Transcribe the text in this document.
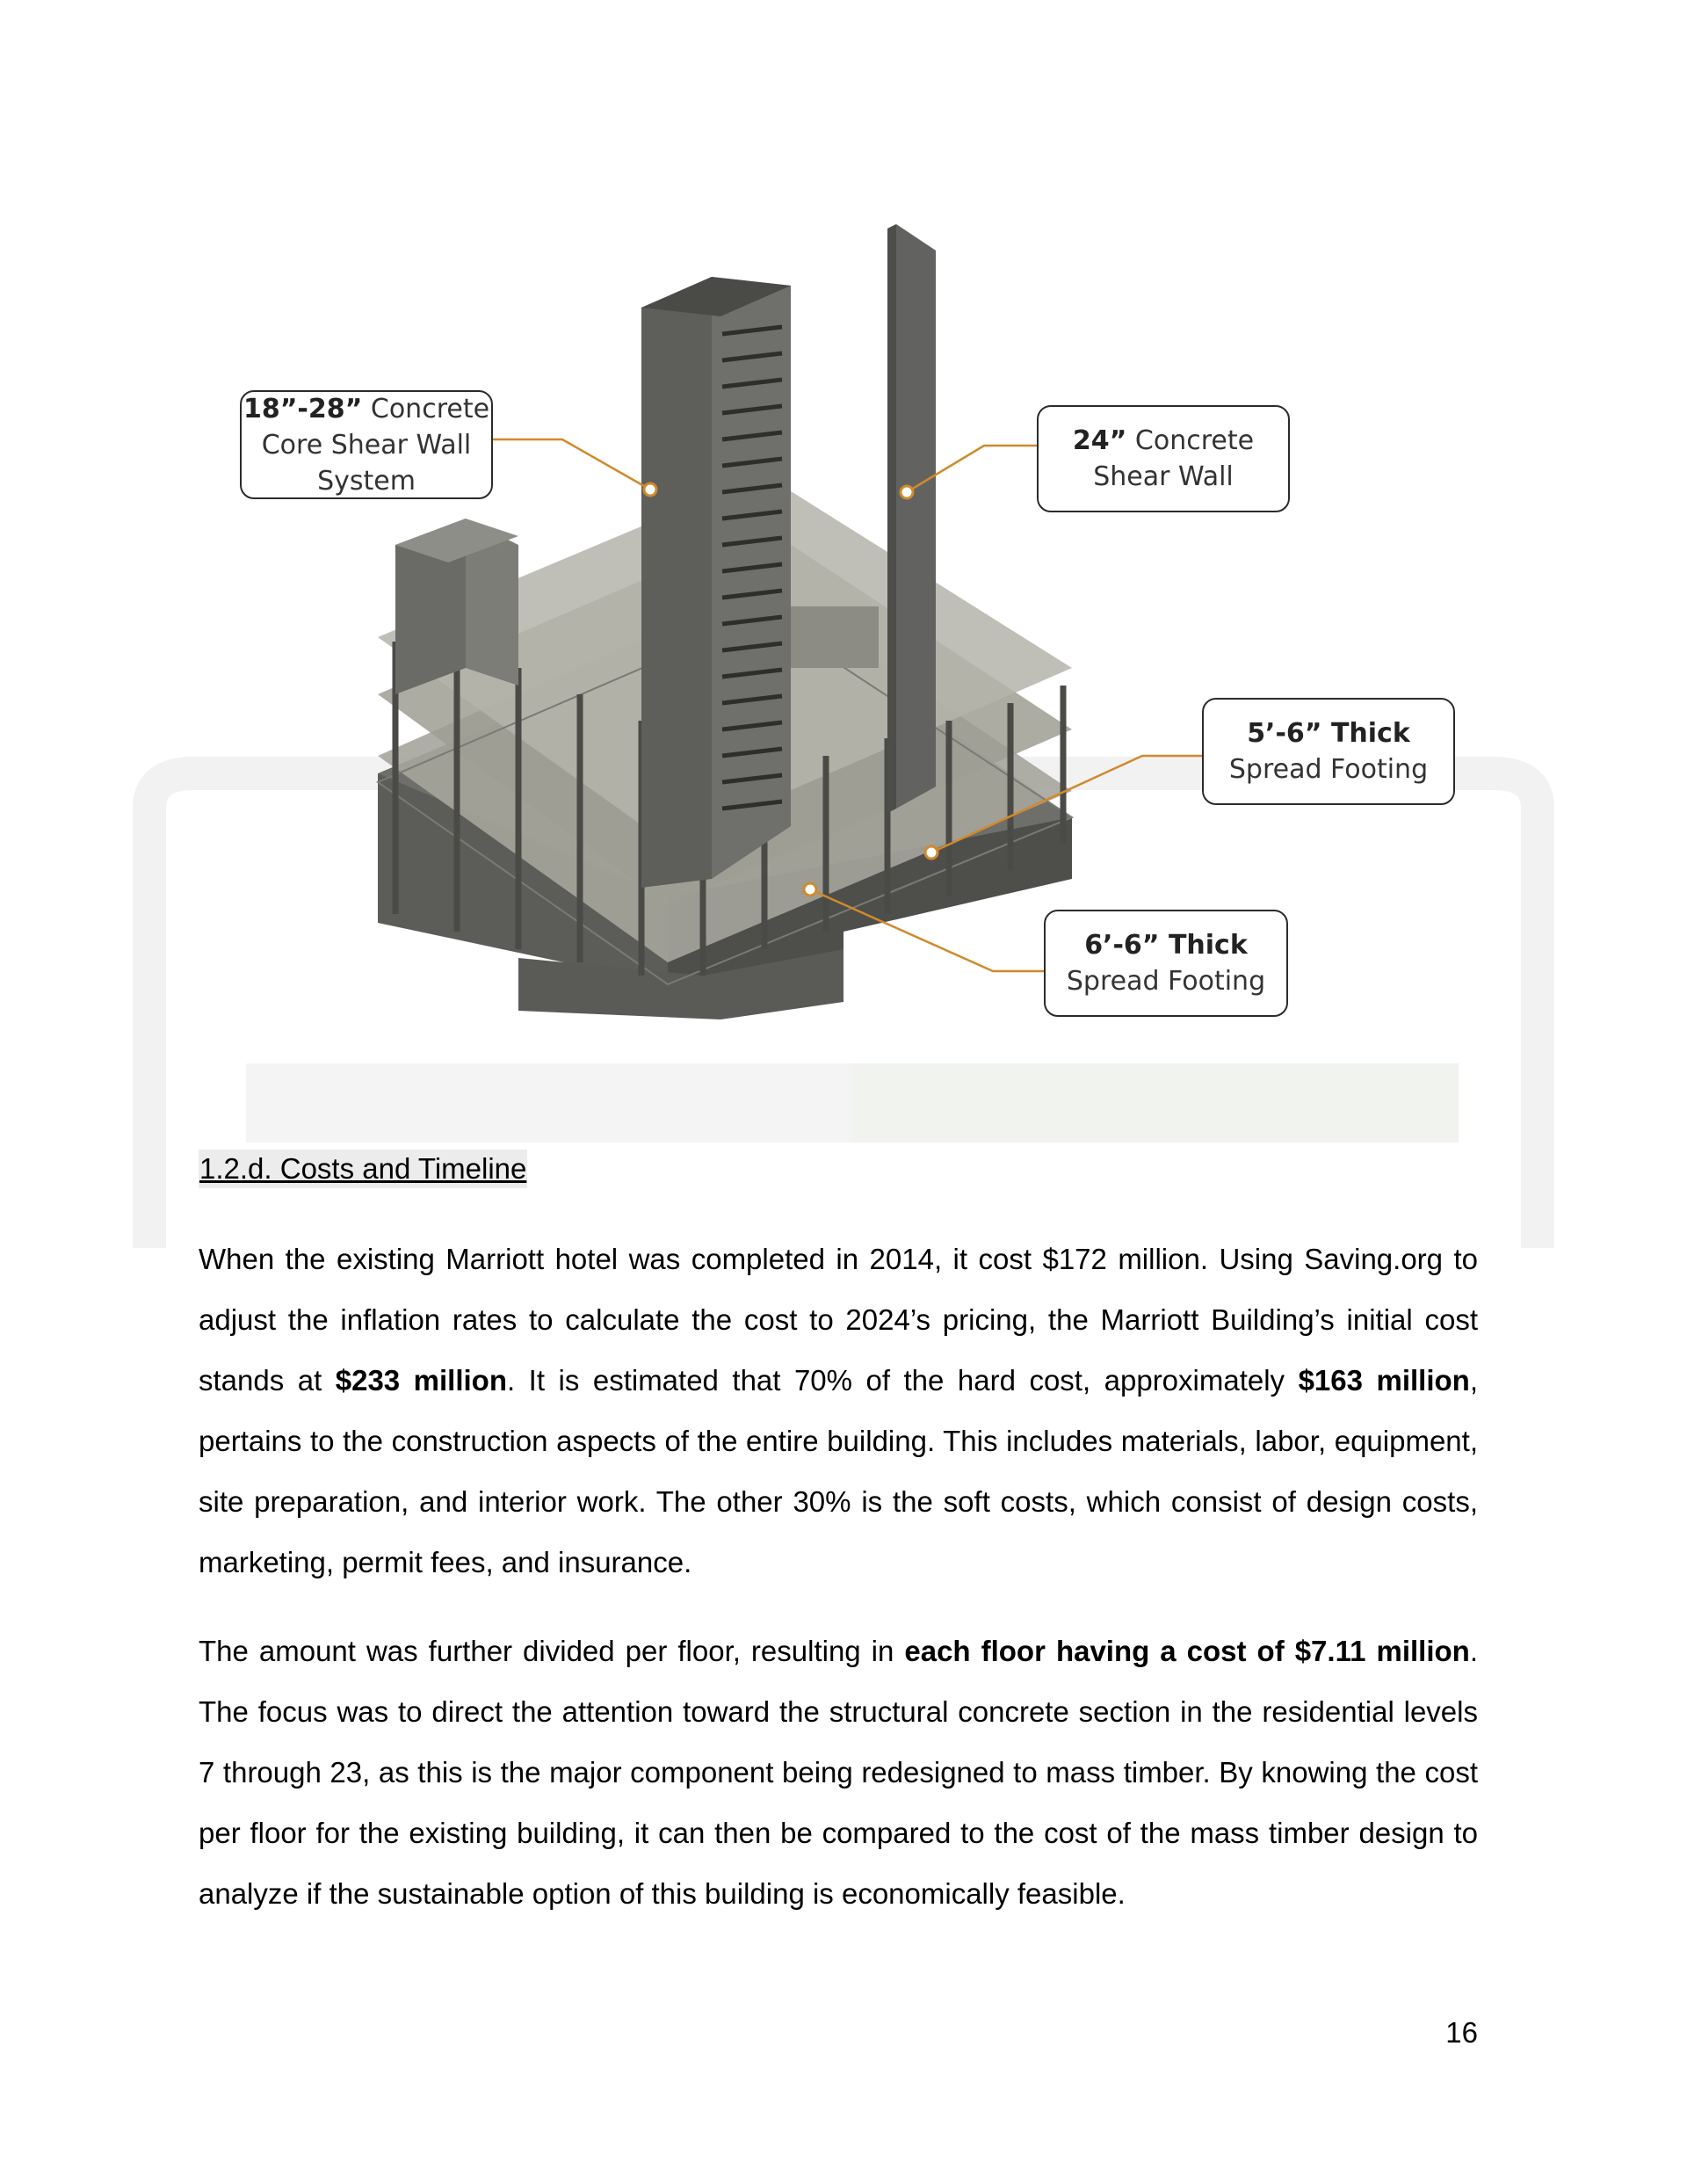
18”-28” Concrete
Core Shear Wall
System
24” Concrete
Shear Wall
5’-6” Thick
Spread Footing
6’-6” Thick
Spread Footing
1.2.d. Costs and Timeline

When the existing Marriott hotel was completed in 2014, it cost $172 million. Using Saving.org to adjust the inflation rates to calculate the cost to 2024’s pricing, the Marriott Building’s initial cost stands at $233 million. It is estimated that 70% of the hard cost, approximately $163 million, pertains to the construction aspects of the entire building. This includes materials, labor, equipment, site preparation, and interior work. The other 30% is the soft costs, which consist of design costs, marketing, permit fees, and insurance.

The amount was further divided per floor, resulting in each floor having a cost of $7.11 million. The focus was to direct the attention toward the structural concrete section in the residential levels 7 through 23, as this is the major component being redesigned to mass timber. By knowing the cost per floor for the existing building, it can then be compared to the cost of the mass timber design to analyze if the sustainable option of this building is economically feasible.

16
